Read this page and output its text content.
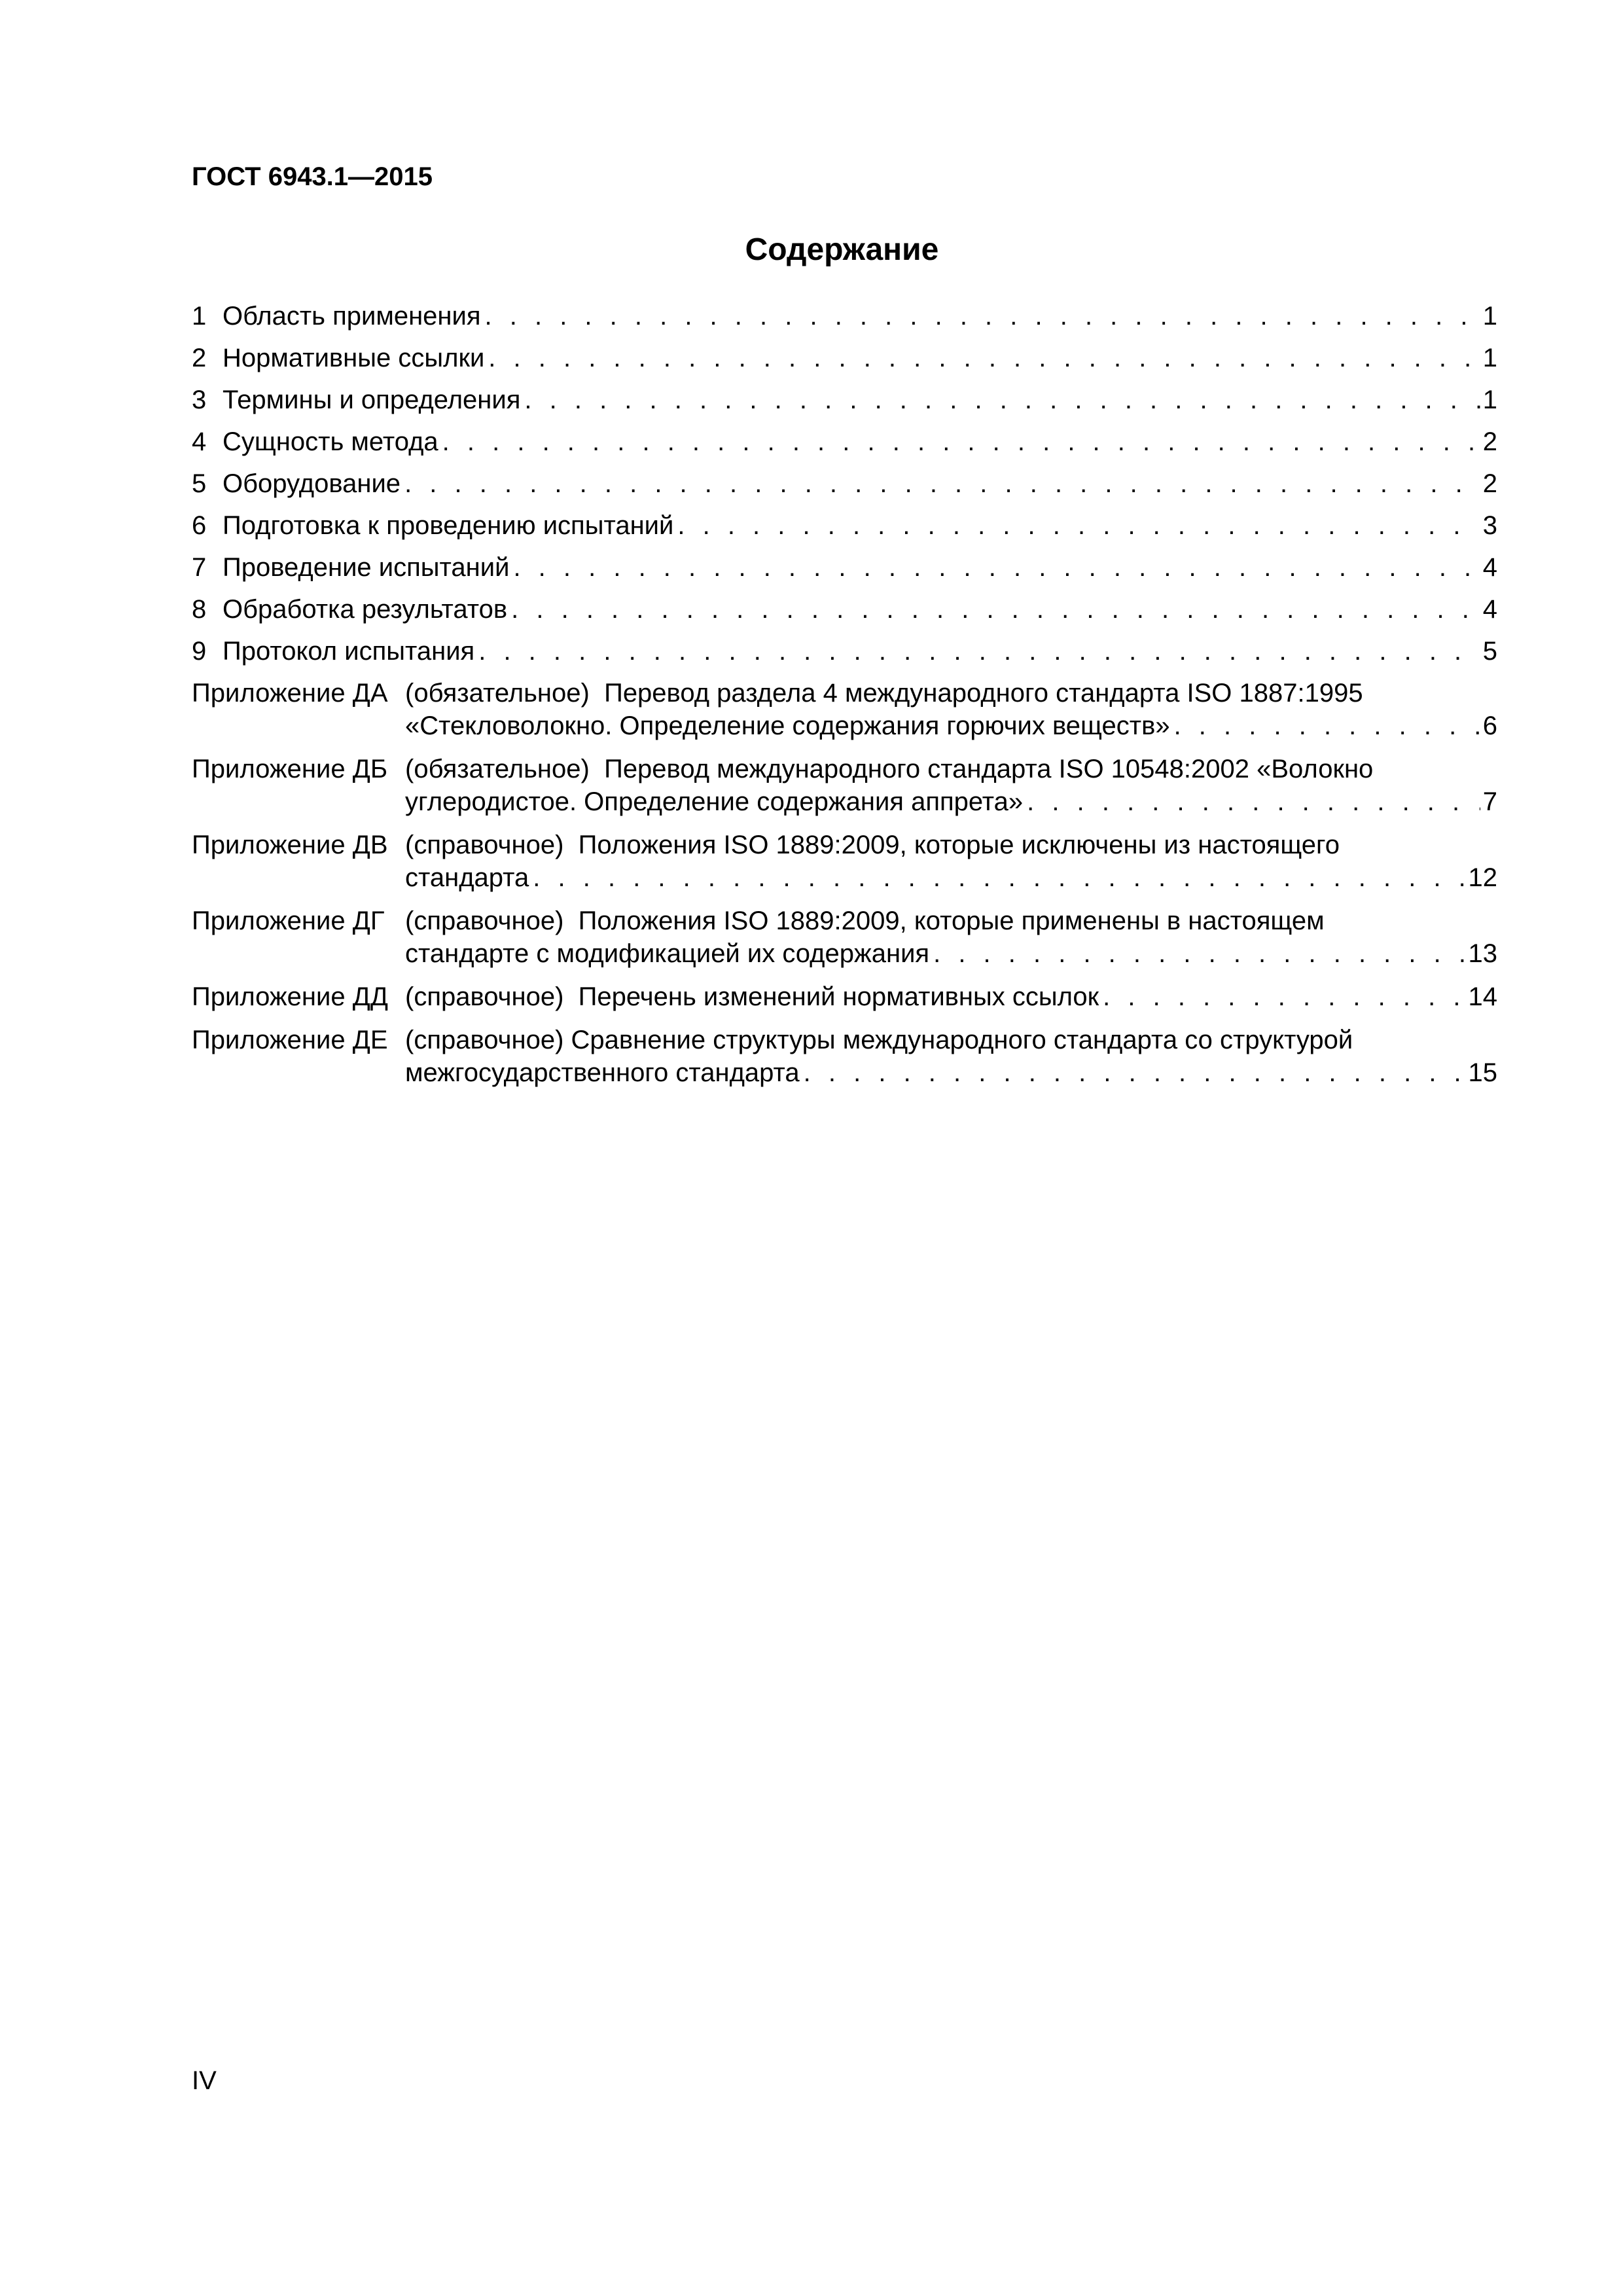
ГОСТ 6943.1—2015
Содержание
1 Область применения . . .	1
2 Нормативные ссылки . . .	1
3 Термины и определения . . .	1
4 Сущность метода . . .	2
5 Оборудование . . .	2
6 Подготовка к проведению испытаний . . .	3
7 Проведение испытаний . . .	4
8 Обработка результатов . . .	4
9 Протокол испытания . . .	5
Приложение ДА (обязательное)  Перевод раздела 4 международного стандарта ISO 1887:1995
«Стекловолокно. Определение содержания горючих веществ» . . .	6
Приложение ДБ (обязательное)  Перевод международного стандарта ISO 10548:2002 «Волокно
углеродистое. Определение содержания аппрета» . . .	7
Приложение ДВ (справочное)  Положения ISO 1889:2009, которые исключены из настоящего
стандарта . . .	12
Приложение ДГ (справочное)  Положения ISO 1889:2009, которые применены в настоящем
стандарте с модификацией их содержания . . .	13
Приложение ДД (справочное)  Перечень изменений нормативных ссылок . . .	14
Приложение ДЕ (справочное) Сравнение структуры международного стандарта со структурой
межгосударственного стандарта . . .	15
IV
